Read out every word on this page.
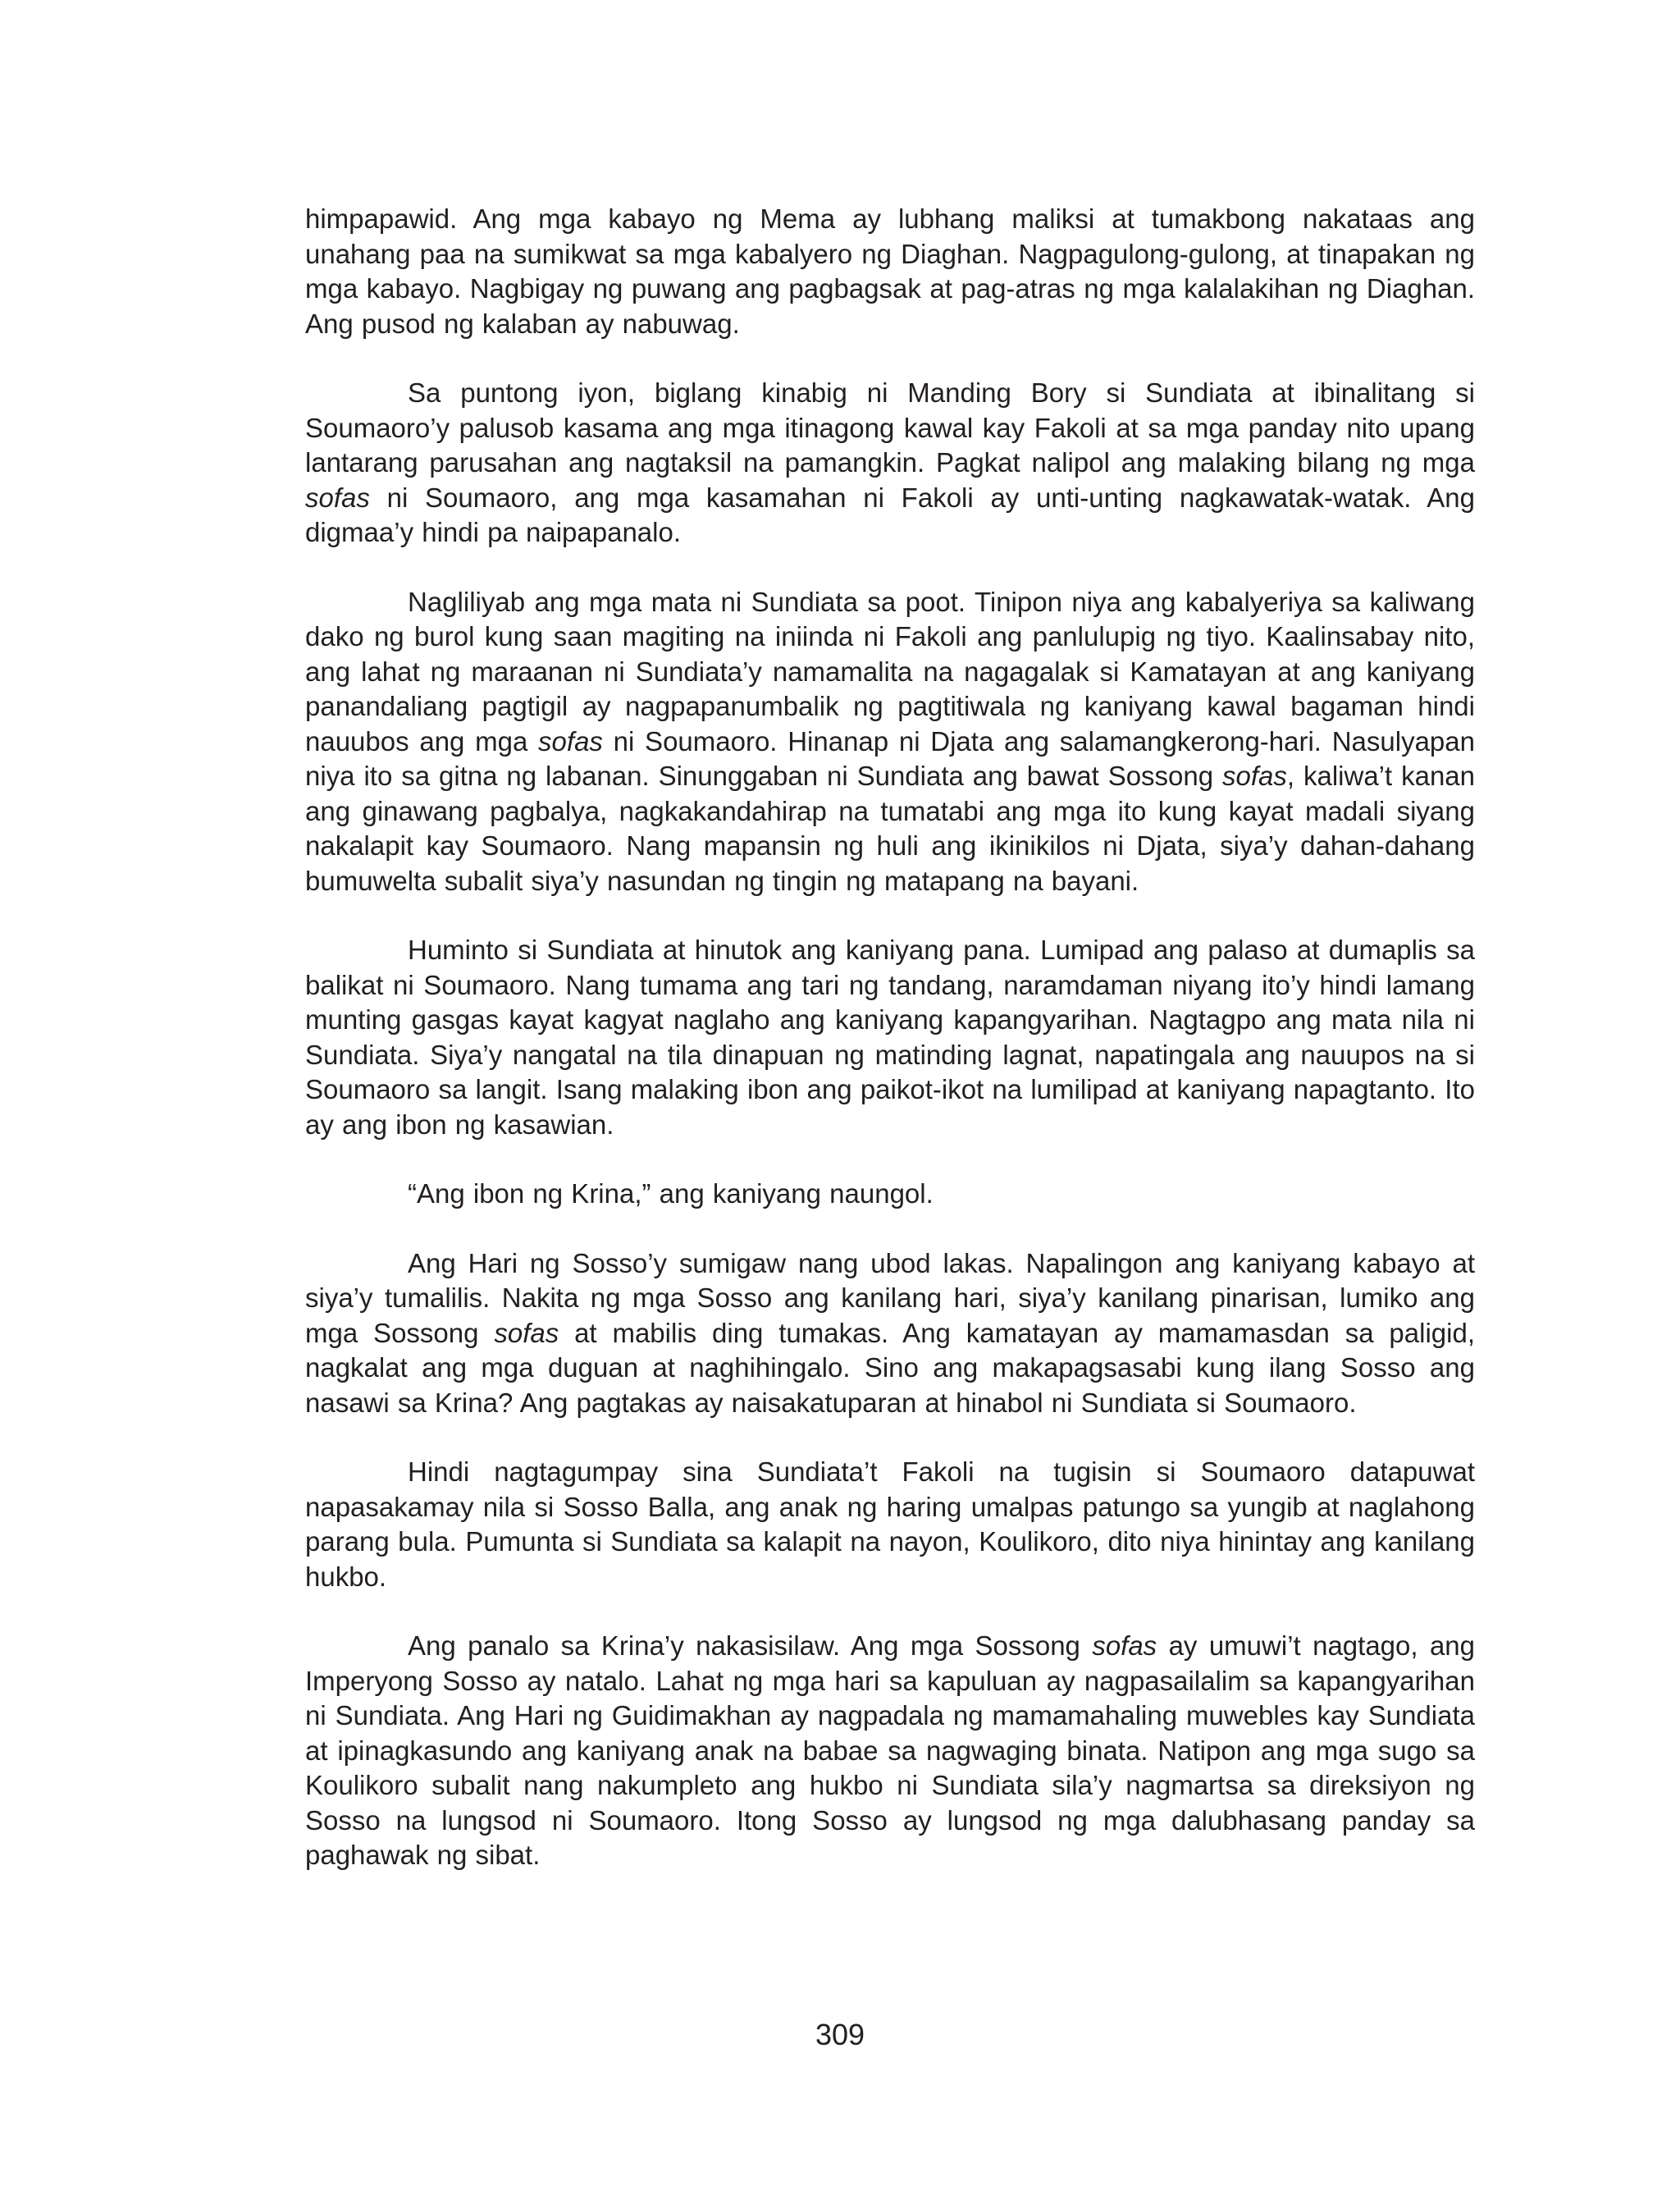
himpapawid. Ang mga kabayo ng Mema ay lubhang maliksi at tumakbong nakataas ang unahang paa na sumikwat sa mga kabalyero ng Diaghan. Nagpagulong-gulong, at tinapakan ng mga kabayo. Nagbigay ng puwang ang pagbagsak at pag-atras ng mga kalalakihan ng Diaghan. Ang pusod ng kalaban ay nabuwag.

Sa puntong iyon, biglang kinabig ni Manding Bory si Sundiata at ibinalitang si Soumaoro’y palusob kasama ang mga itinagong kawal kay Fakoli at sa mga panday nito upang lantarang parusahan ang nagtaksil na pamangkin. Pagkat nalipol ang malaking bilang ng mga sofas ni Soumaoro, ang mga kasamahan ni Fakoli ay unti-unting nagkawatak-watak. Ang digmaa’y hindi pa naipapanalo.

Nagliliyab ang mga mata ni Sundiata sa poot. Tinipon niya ang kabalyeriya sa kaliwang dako ng burol kung saan magiting na iniinda ni Fakoli ang panlulupig ng tiyo. Kaalinsabay nito, ang lahat ng maraanan ni Sundiata’y namamalita na nagagalak si Kamatayan at ang kaniyang panandaliang pagtigil ay nagpapanumbalik ng pagtitiwala ng kaniyang kawal bagaman hindi nauubos ang mga sofas ni Soumaoro. Hinanap ni Djata ang salamangkerong-hari. Nasulyapan niya ito sa gitna ng labanan. Sinunggaban ni Sundiata ang bawat Sossong sofas, kaliwa’t kanan ang ginawang pagbalya, nagkakandahirap na tumatabi ang mga ito kung kayat madali siyang nakalapit kay Soumaoro. Nang mapansin ng huli ang ikinikilos ni Djata, siya’y dahan-dahang bumuwelta subalit siya’y nasundan ng tingin ng matapang na bayani.

Huminto si Sundiata at hinutok ang kaniyang pana. Lumipad ang palaso at dumaplis sa balikat ni Soumaoro. Nang tumama ang tari ng tandang, naramdaman niyang ito’y hindi lamang munting gasgas kayat kagyat naglaho ang kaniyang kapangyarihan. Nagtagpo ang mata nila ni Sundiata. Siya’y nangatal na tila dinapuan ng matinding lagnat, napatingala ang nauupos na si Soumaoro sa langit. Isang malaking ibon ang paikot-ikot na lumilipad at kaniyang napagtanto. Ito ay ang ibon ng kasawian.

“Ang ibon ng Krina,” ang kaniyang naungol.

Ang Hari ng Sosso’y sumigaw nang ubod lakas. Napalingon ang kaniyang kabayo at siya’y tumalilis. Nakita ng mga Sosso ang kanilang hari, siya’y kanilang pinarisan, lumiko ang mga Sossong sofas at mabilis ding tumakas. Ang kamatayan ay mamamasdan sa paligid, nagkalat ang mga duguan at naghihingalo. Sino ang makapagsasabi kung ilang Sosso ang nasawi sa Krina? Ang pagtakas ay naisakatuparan at hinabol ni Sundiata si Soumaoro.

Hindi nagtagumpay sina Sundiata’t Fakoli na tugisin si Soumaoro datapuwat napasakamay nila si Sosso Balla, ang anak ng haring umalpas patungo sa yungib at naglahong parang bula. Pumunta si Sundiata sa kalapit na nayon, Koulikoro, dito niya hinintay ang kanilang hukbo.

Ang panalo sa Krina’y nakasisilaw. Ang mga Sossong sofas ay umuwi’t nagtago, ang Imperyong Sosso ay natalo. Lahat ng mga hari sa kapuluan ay nagpasailalim sa kapangyarihan ni Sundiata. Ang Hari ng Guidimakhan ay nagpadala ng mamamahaling muwebles kay Sundiata at ipinagkasundo ang kaniyang anak na babae sa nagwaging binata. Natipon ang mga sugo sa Koulikoro subalit nang nakumpleto ang hukbo ni Sundiata sila’y nagmartsa sa direksiyon ng Sosso na lungsod ni Soumaoro. Itong Sosso ay lungsod ng mga dalubhasang panday sa paghawak ng sibat.

309
